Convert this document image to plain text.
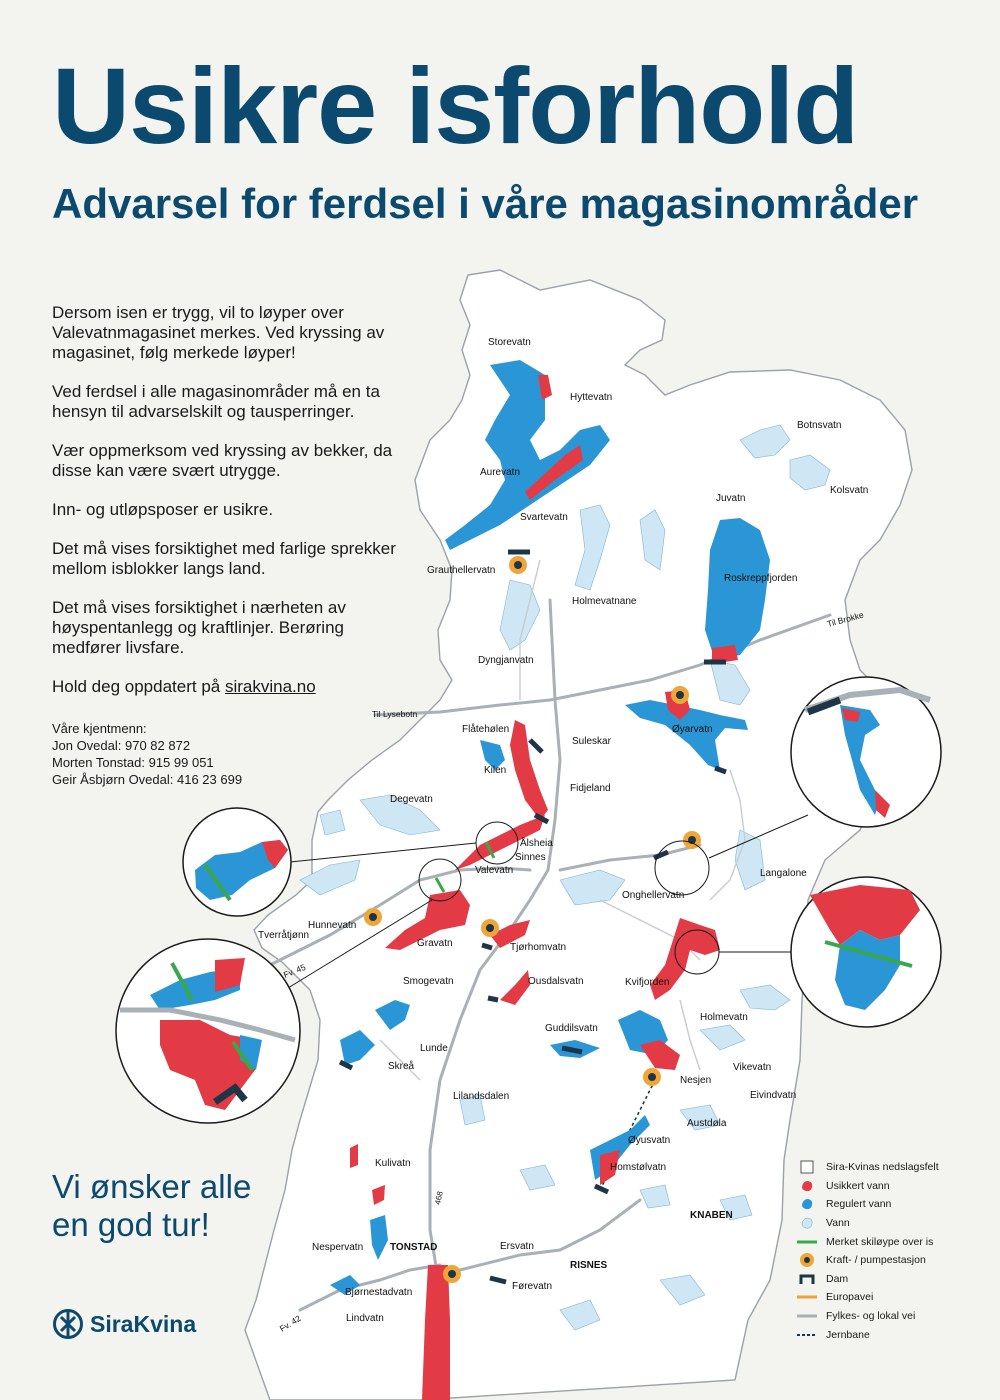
Usikre isforhold
Advarsel for ferdsel i våre magasinområder
Storevatn
Hyttevatn
Aurevatn
Svartevatn
Grauthellervatn
Holmevatnane
Botnsvatn
Kolsvatn
Juvatn
Roskreppfjorden
Til Brokke
Dyngjanvatn
Til Lysebotn
Flåtehølen
Suleskar
Øyarvatn
Kilen
Fidjeland
Degevatn
Ålsheia
Sinnes
Valevatn
Onghellervatn
Langalone
Hunnevatn
Tverråtjønn
Gravatn	Tjørhomvatn
Fv. 45
Smogevatn	Ousdalsvatn	Kvifjorden
Holmevatn
Guddilsvatn
Lunde
Skreå	Vikevatn
Nesjen
Eivindvatn
Lilandsdalen
Austdøla
Øyusvatn
Homstølvatn
Kulivatn
468
KNABEN
Nespervatn	TONSTAD	Ersvatn
RISNES
Førevatn
Bjørnestadvatn
Fv. 42	Lindvatn

Dersom isen er trygg, vil to løyper over Valevatnmagasinet merkes. Ved kryssing av magasinet, følg merkede løyper!

Ved ferdsel i alle magasinområder må en ta hensyn til advarselskilt og tausperringer.

Vær oppmerksom ved kryssing av bekker, da disse kan være svært utrygge.

Inn- og utløpsposer er usikre.

Det må vises forsiktighet med farlige sprekker mellom isblokker langs land.

Det må vises forsiktighet i nærheten av høyspentanlegg og kraftlinjer. Berøring medfører livsfare.

Hold deg oppdatert på sirakvina.no

Våre kjentmenn:
Jon Ovedal: 970 82 872
Morten Tonstad: 915 99 051
Geir Åsbjørn Ovedal: 416 23 699
Vi ønsker alle
en god tur!
SiraKvina
Sira-Kvinas nedslagsfelt
Usikkert vann
Regulert vann
Vann
Merket skiløype over is
Kraft- / pumpestasjon
Dam
Europavei
Fylkes- og lokal vei
Jernbane
